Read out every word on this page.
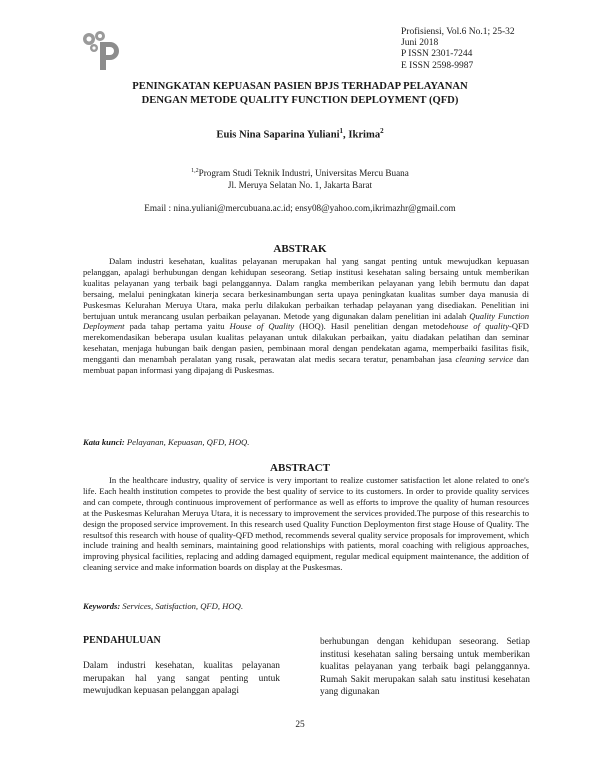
Profisiensi, Vol.6 No.1; 25-32
Juni 2018
P ISSN 2301-7244
E ISSN 2598-9987
PENINGKATAN KEPUASAN PASIEN BPJS TERHADAP PELAYANAN
DENGAN METODE QUALITY FUNCTION DEPLOYMENT (QFD)
Euis Nina Saparina Yuliani$^1$, Ikrima$^2$
$^{1,2}$Program Studi Teknik Industri, Universitas Mercu Buana
Jl. Meruya Selatan No. 1, Jakarta Barat
Email : nina.yuliani@mercubuana.ac.id; ensy08@yahoo.com,ikrimazhr@gmail.com
ABSTRAK
Dalam industri kesehatan, kualitas pelayanan merupakan hal yang sangat penting untuk mewujudkan kepuasan pelanggan, apalagi berhubungan dengan kehidupan seseorang. Setiap institusi kesehatan saling bersaing untuk memberikan kualitas pelayanan yang terbaik bagi pelanggannya. Dalam rangka memberikan pelayanan yang lebih bermutu dan dapat bersaing, melalui peningkatan kinerja secara berkesinambungan serta upaya peningkatan kualitas sumber daya manusia di Puskesmas Kelurahan Meruya Utara, maka perlu dilakukan perbaikan terhadap pelayanan yang disediakan. Penelitian ini bertujuan untuk merancang usulan perbaikan pelayanan. Metode yang digunakan dalam penelitian ini adalah Quality Function Deployment pada tahap pertama yaitu House of Quality (HOQ). Hasil penelitian dengan metodehouse of quality-QFD merekomendasikan beberapa usulan kualitas pelayanan untuk dilakukan perbaikan, yaitu diadakan pelatihan dan seminar kesehatan, menjaga hubungan baik dengan pasien, pembinaan moral dengan pendekatan agama, memperbaiki fasilitas fisik, mengganti dan menambah peralatan yang rusak, perawatan alat medis secara teratur, penambahan jasa cleaning service dan membuat papan informasi yang dipajang di Puskesmas.
Kata kunci: Pelayanan, Kepuasan, QFD, HOQ.
ABSTRACT
In the healthcare industry, quality of service is very important to realize customer satisfaction let alone related to one's life. Each health institution competes to provide the best quality of service to its customers. In order to provide quality services and can compete, through continuous improvement of performance as well as efforts to improve the quality of human resources at the Puskesmas Kelurahan Meruya Utara, it is necessary to improvement the services provided.The purpose of this researchis to design the proposed service improvement. In this research used Quality Function Deploymenton first stage House of Quality. The resultsof this research with house of quality-QFD method, recommends several quality service proposals for improvement, which include training and health seminars, maintaining good relationships with patients, moral coaching with religious approaches, improving physical facilities, replacing and adding damaged equipment, regular medical equipment maintenance, the addition of cleaning service and make information boards on display at the Puskesmas.
Keywords: Services, Satisfaction, QFD, HOQ.
PENDAHULUAN
Dalam industri kesehatan, kualitas pelayanan merupakan hal yang sangat penting untuk mewujudkan kepuasan pelanggan apalagi
berhubungan dengan kehidupan seseorang. Setiap institusi kesehatan saling bersaing untuk memberikan kualitas pelayanan yang terbaik bagi pelanggannya. Rumah Sakit merupakan salah satu institusi kesehatan yang digunakan
25
